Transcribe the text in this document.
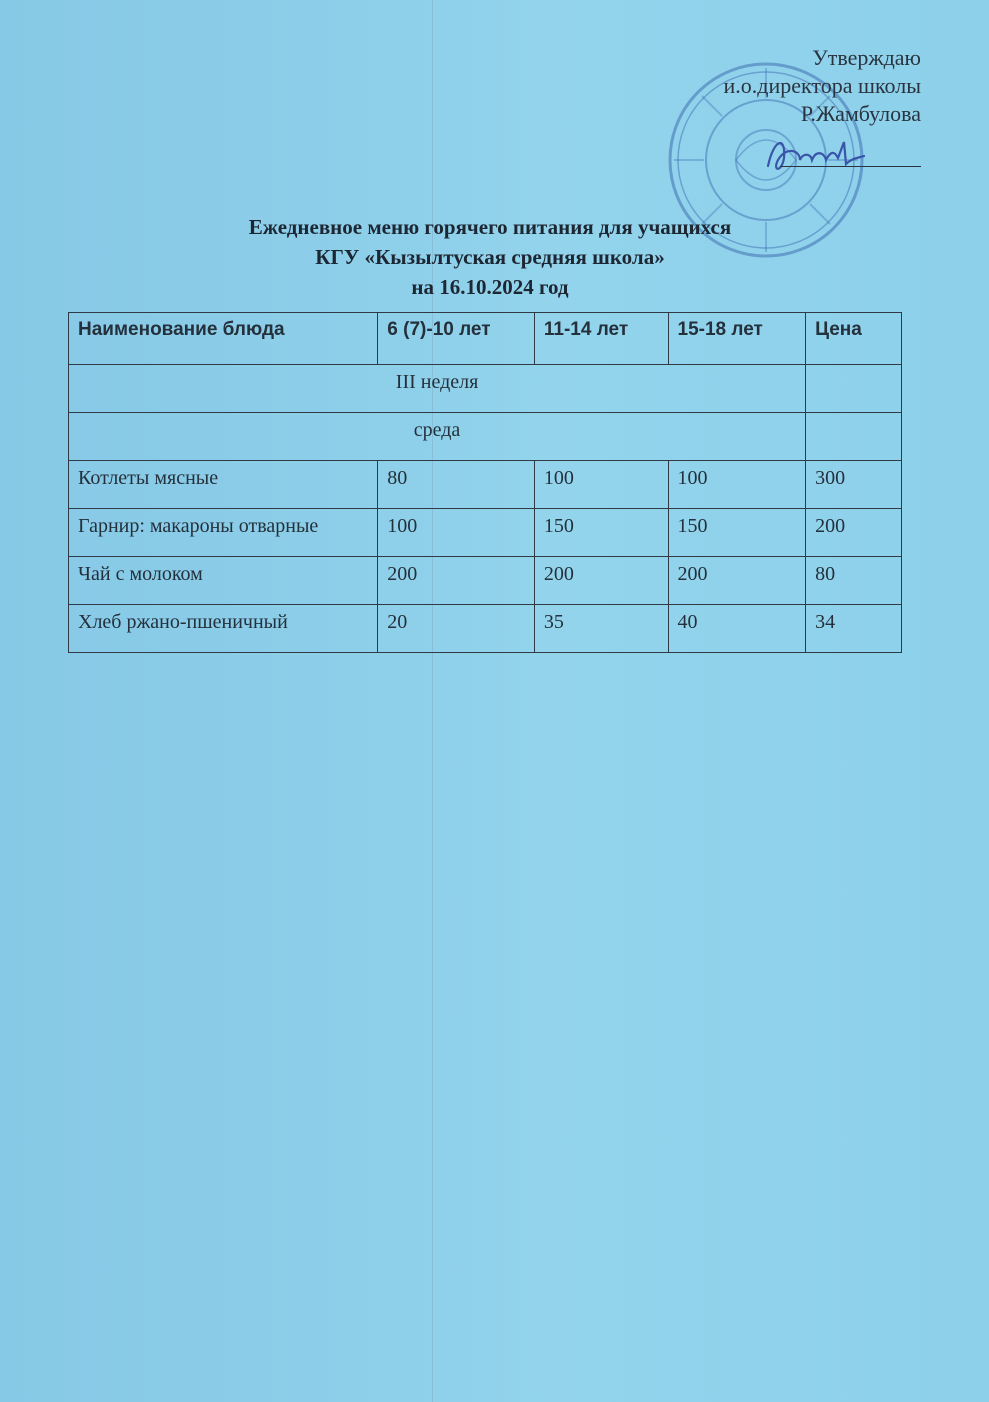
Утверждаю
и.о.директора школы
Р.Жамбулова
Ежедневное меню горячего питания для учащихся
КГУ «Кызылтуская средняя школа»
на 16.10.2024 год
Наименование блюда	6 (7)-10 лет	11-14 лет	15-18 лет	Цена
III неделя				
среда				
Котлеты мясные	80	100	100	300
Гарнир: макароны отварные	100	150	150	200
Чай с молоком	200	200	200	80
Хлеб ржано-пшеничный	20	35	40	34
